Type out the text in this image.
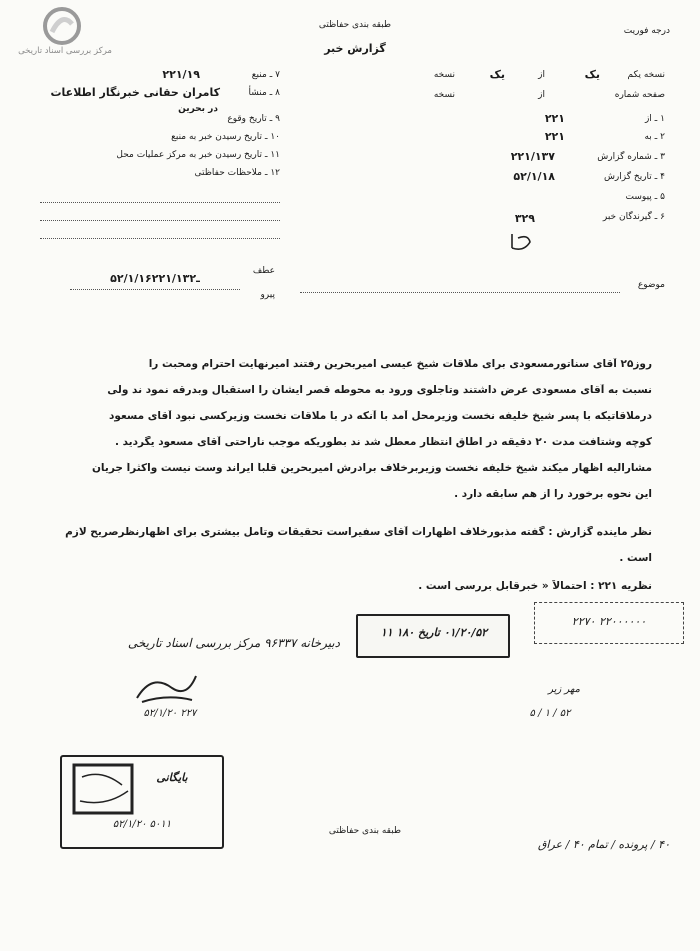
مرکز بررسی اسناد تاریخی
طبقه بندی حفاظتی
گزارش خبر
درجه فوریت
۷ ـ منبع
۲۲۱/۱۹
۸ ـ منشأ
کامران حقانی خبرنگار اطلاعات
در بحرین
۹ ـ تاریخ وقوع
۱۰ ـ تاریخ رسیدن خبر به منبع
۱۱ ـ تاریخ رسیدن خبر به مرکز عملیات محل
۱۲ ـ ملاحظات حفاظتی
نسخه یکم
یک
از
یک
نسخه
صفحه شماره
از
نسخه
۱ ـ از
۲۲۱
۲ ـ به
۲۲۱
۳ ـ شماره گزارش
۲۲۱/۱۳۷
۴ ـ تاریخ گزارش
۵۲/۱/۱۸
۵ ـ پیوست
۶ ـ گیرندگان خبر
۳۲۹
موضوع
عطف
پیرو
۵۲/۱/۱۶ـ۲۲۱/۱۳۲
روز۲۵ آقای سناتورمسعودی برای ملاقات شیخ عیسی امیربحرین رفتند امیرنهایت احترام ومحبت را
نسبت به آقای مسعودی عرض داشتند وتاجلوی ورود به محوطه قصر ایشان را استقبال وبدرقه نمود ند ولی
درملاقاتیکه با پسر شیخ خلیفه نخست وزیرمحل آمد با آنکه در با ملاقات نخست وزیرکسی نبود آقای مسعود
کوچه وشتافت مدت ۲۰ دقیقه در اطاق انتظار معطل شد ند بطوریکه موجب ناراحتی آقای مسعود یگردید .
مشارالیه اظهار میکند شیخ خلیفه نخست وزیربرخلاف برادرش امیربحرین قلباً ایراند وست نیست واکثراً جریان
این نحوه برخورد را از هم سابقه دارد .
نظر ماینده گزارش : گفته مذبورخلاف اظهارات آقای سفیراست تحقیقات وتامل بیشتری برای اظهارنظرصریح لازم
است .
نظریه ۲۲۱ : احتمالاً « خبرقابل بررسی است .
۰۱/۲۰/۵۲ تاریخ ۱۸۰ ۱۱
۲۲۰۰۰۰۰۰ ۲۲۷۰
دبیرخانه ۹۶۳۳۷ مرکز بررسی اسناد تاریخی
۵۲/۱/۲۰ ۲۲۷
مهر زیر
۵ / ۱ / ۵۲
بایگانی
۵۰۱۱ ۵۲/۱/۲۰
طبقه بندی حفاظتی
۴۰ / پرونده / تمام ۴۰ / عراق
